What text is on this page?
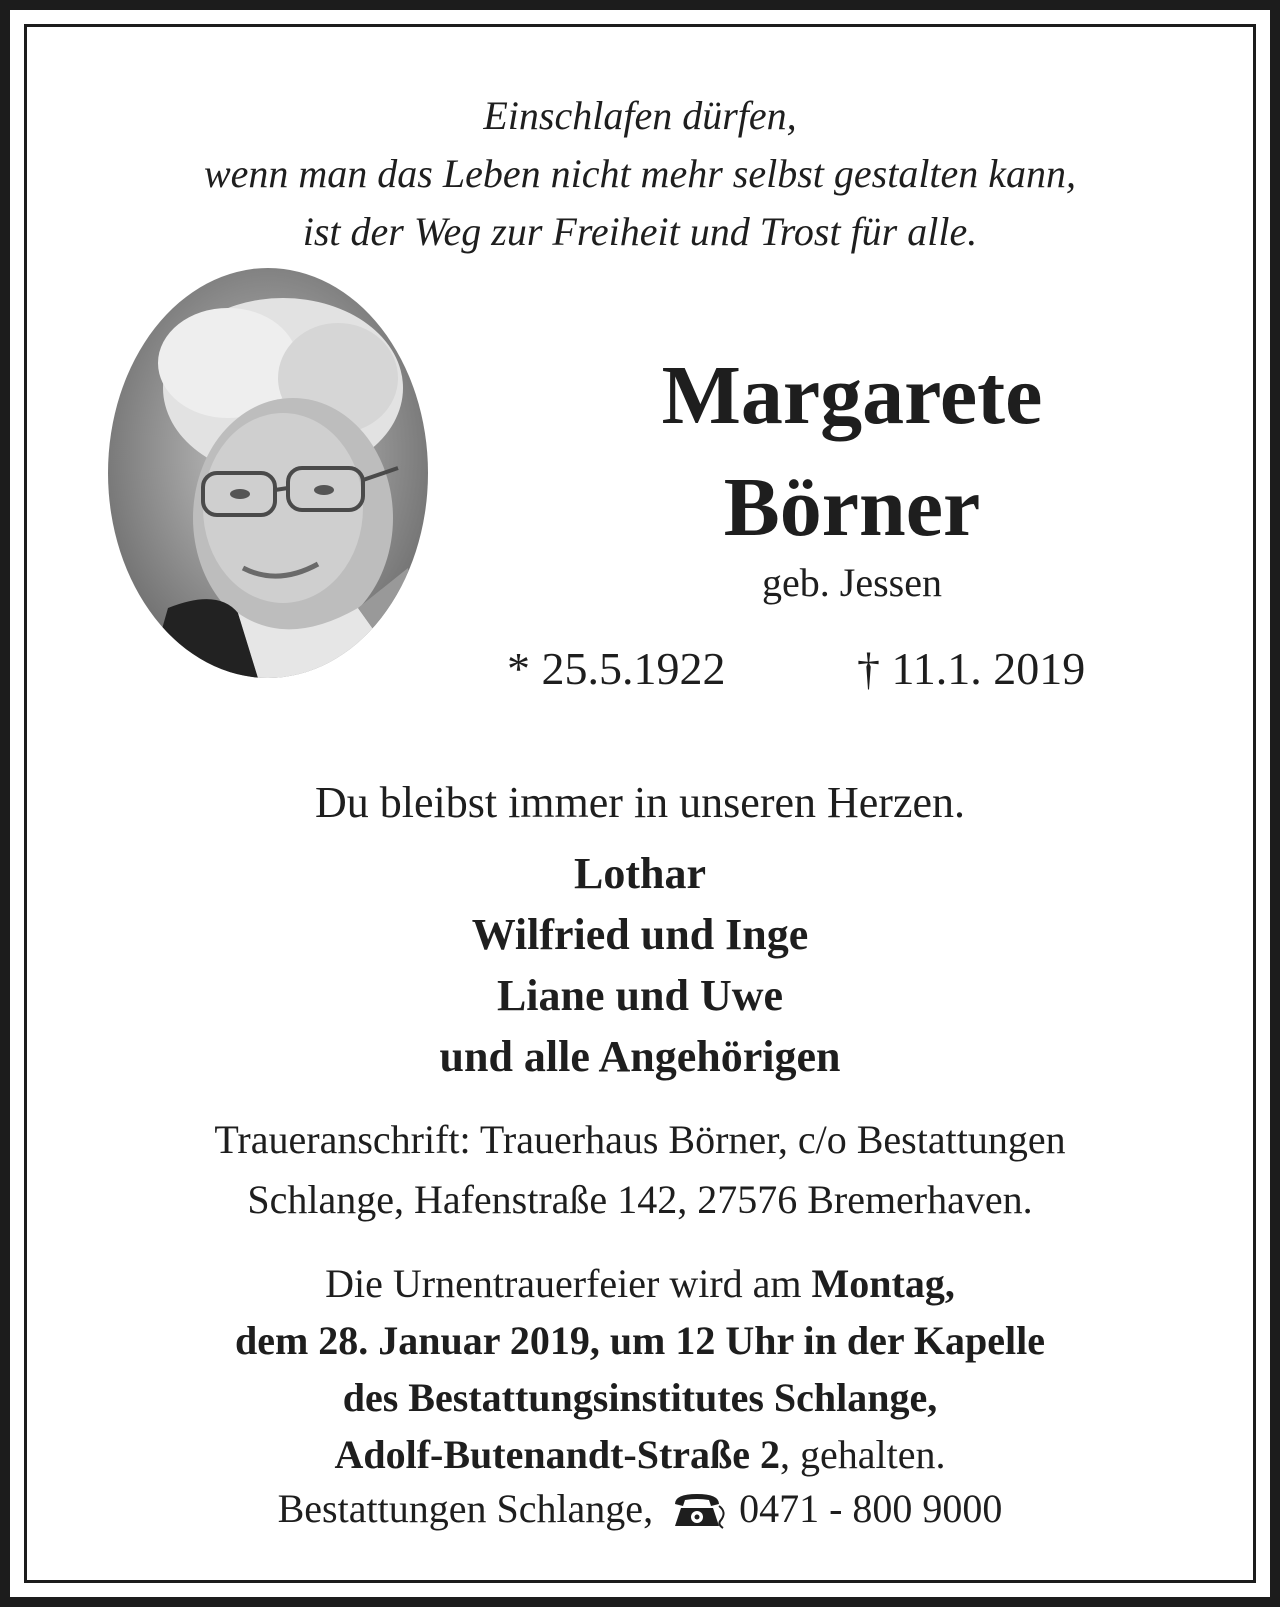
Einschlafen dürfen,
wenn man das Leben nicht mehr selbst gestalten kann,
ist der Weg zur Freiheit und Trost für alle.
Margarete
Börner
geb. Jessen
* 25.5.1922	† 11.1. 2019
Du bleibst immer in unseren Herzen.
Lothar
Wilfried und Inge
Liane und Uwe
und alle Angehörigen
Traueranschrift: Trauerhaus Börner, c/o Bestattungen
Schlange, Hafenstraße 142, 27576 Bremerhaven.
Die Urnentrauerfeier wird am Montag,
dem 28. Januar 2019, um 12 Uhr in der Kapelle
des Bestattungsinstitutes Schlange,
Adolf-Butenandt-Straße 2, gehalten.
Bestattungen Schlange, 0471 - 800 9000
